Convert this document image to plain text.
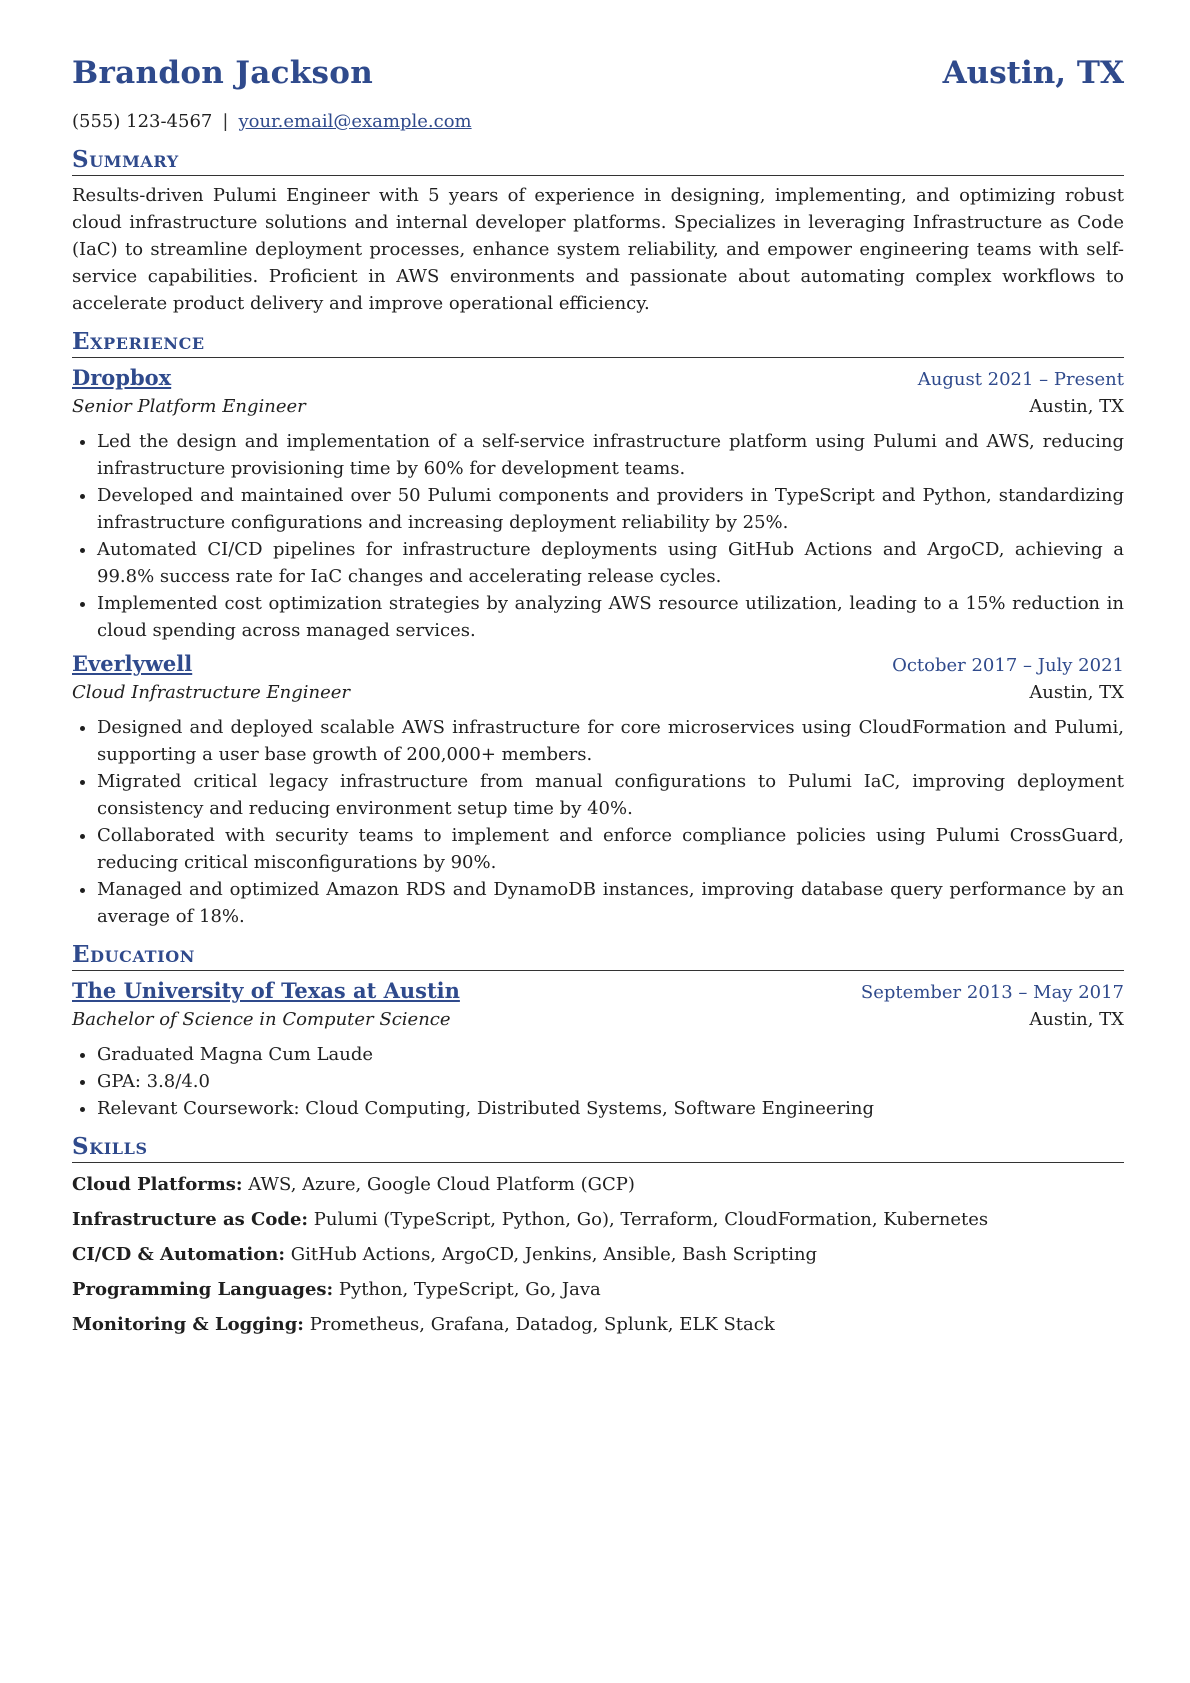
Brandon Jackson	Austin, TX
(555) 123-4567 | your.email@example.com
Summary
Results-driven Pulumi Engineer with 5 years of experience in designing, implementing, and optimizing robust cloud infrastructure solutions and internal developer platforms. Specializes in leveraging Infrastructure as Code (IaC) to streamline deployment processes, enhance system reliability, and empower engineering teams with self-service capabilities. Proficient in AWS environments and passionate about automating complex workflows to accelerate product delivery and improve operational efficiency.
Experience
Dropbox	August 2021 – Present
Senior Platform Engineer	Austin, TX
• Led the design and implementation of a self-service infrastructure platform using Pulumi and AWS, reducing infrastructure provisioning time by 60% for development teams.
• Developed and maintained over 50 Pulumi components and providers in TypeScript and Python, standardizing infrastructure configurations and increasing deployment reliability by 25%.
• Automated CI/CD pipelines for infrastructure deployments using GitHub Actions and ArgoCD, achieving a 99.8% success rate for IaC changes and accelerating release cycles.
• Implemented cost optimization strategies by analyzing AWS resource utilization, leading to a 15% reduction in cloud spending across managed services.
Everlywell	October 2017 – July 2021
Cloud Infrastructure Engineer	Austin, TX
• Designed and deployed scalable AWS infrastructure for core microservices using CloudFormation and Pulumi, supporting a user base growth of 200,000+ members.
• Migrated critical legacy infrastructure from manual configurations to Pulumi IaC, improving deployment consistency and reducing environment setup time by 40%.
• Collaborated with security teams to implement and enforce compliance policies using Pulumi CrossGuard, reducing critical misconfigurations by 90%.
• Managed and optimized Amazon RDS and DynamoDB instances, improving database query performance by an average of 18%.
Education
The University of Texas at Austin	September 2013 – May 2017
Bachelor of Science in Computer Science	Austin, TX
• Graduated Magna Cum Laude
• GPA: 3.8/4.0
• Relevant Coursework: Cloud Computing, Distributed Systems, Software Engineering
Skills
Cloud Platforms: AWS, Azure, Google Cloud Platform (GCP)
Infrastructure as Code: Pulumi (TypeScript, Python, Go), Terraform, CloudFormation, Kubernetes
CI/CD & Automation: GitHub Actions, ArgoCD, Jenkins, Ansible, Bash Scripting
Programming Languages: Python, TypeScript, Go, Java
Monitoring & Logging: Prometheus, Grafana, Datadog, Splunk, ELK Stack
